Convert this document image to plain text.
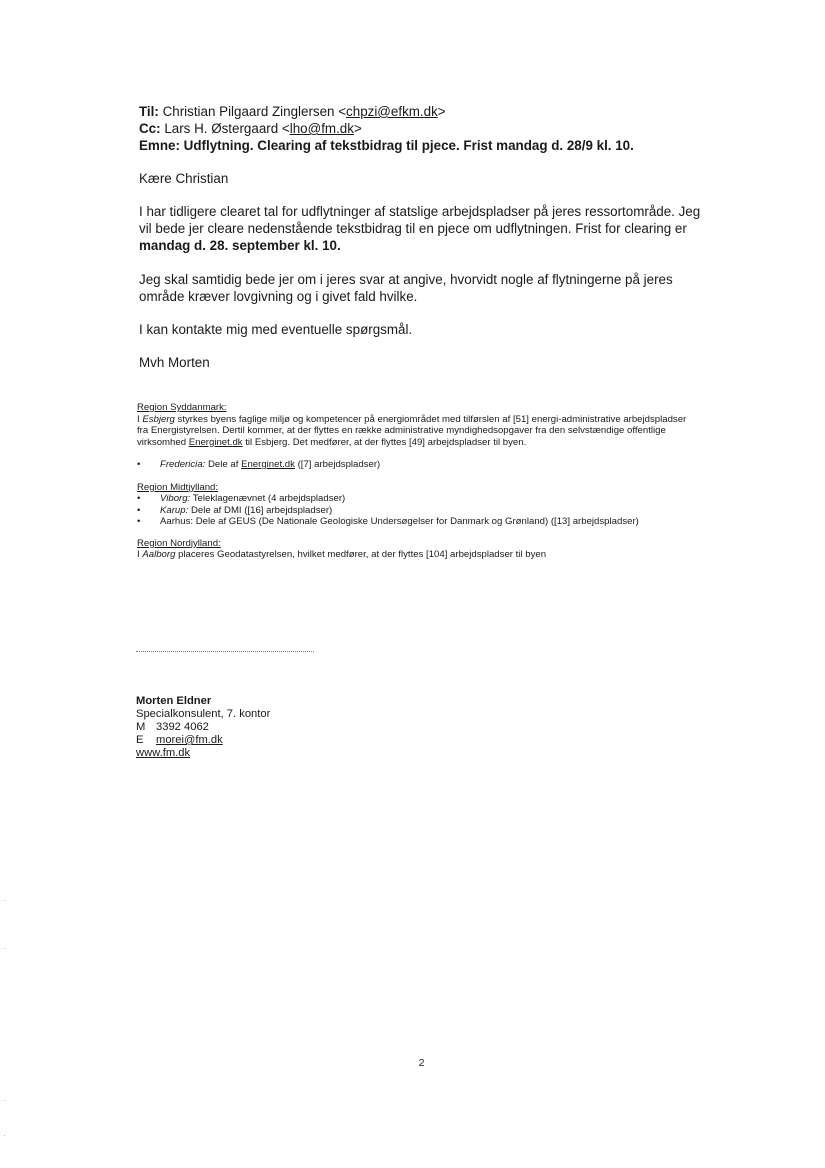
Til: Christian Pilgaard Zinglersen <chpzi@efkm.dk>

Cc: Lars H. Østergaard <lho@fm.dk>

Emne: Udflytning. Clearing af tekstbidrag til pjece. Frist mandag d. 28/9 kl. 10.

Kære Christian

I har tidligere clearet tal for udflytninger af statslige arbejdspladser på jeres ressortområde. Jeg vil bede jer cleare nedenstående tekstbidrag til en pjece om udflytningen. Frist for clearing er mandag d. 28. september kl. 10.

Jeg skal samtidig bede jer om i jeres svar at angive, hvorvidt nogle af flytningerne på jeres område kræver lovgivning og i givet fald hvilke.

I kan kontakte mig med eventuelle spørgsmål.

Mvh Morten

Region Syddanmark:

I Esbjerg styrkes byens faglige miljø og kompetencer på energiområdet med tilførslen af [51] energi-administrative arbejdspladser fra Energistyrelsen. Dertil kommer, at der flyttes en række administrative myndighedsopgaver fra den selvstændige offentlige virksomhed Energinet.dk til Esbjerg. Det medfører, at der flyttes [49] arbejdspladser til byen.

• Fredericia: Dele af Energinet.dk ([7] arbejdspladser)

Region Midtjylland:

• Viborg: Teleklagenævnet (4 arbejdspladser)
• Karup: Dele af DMI ([16] arbejdspladser)
• Aarhus: Dele af GEUS (De Nationale Geologiske Undersøgelser for Danmark og Grønland) ([13] arbejdspladser)

Region Nordjylland:

I Aalborg placeres Geodatastyrelsen, hvilket medfører, at der flyttes [104] arbejdspladser til byen

Morten Eldner

Specialkonsulent, 7. kontor

M 3392 4062

E morei@fm.dk

www.fm.dk

2
